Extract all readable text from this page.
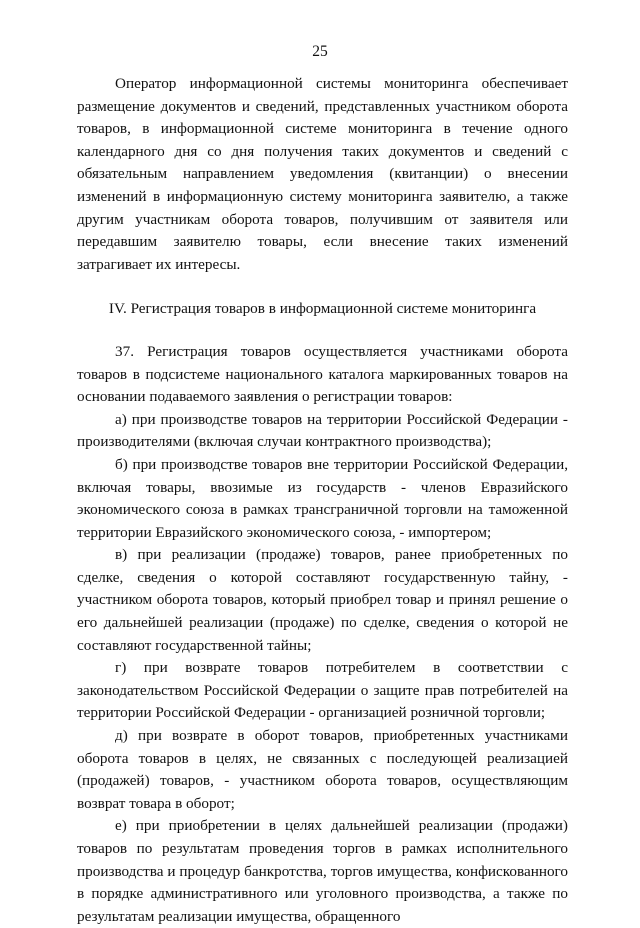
25

Оператор информационной системы мониторинга обеспечивает размещение документов и сведений, представленных участником оборота товаров, в информационной системе мониторинга в течение одного календарного дня со дня получения таких документов и сведений с обязательным направлением уведомления (квитанции) о внесении изменений в информационную систему мониторинга заявителю, а также другим участникам оборота товаров, получившим от заявителя или передавшим заявителю товары, если внесение таких изменений затрагивает их интересы.

IV. Регистрация товаров в информационной системе мониторинга

37. Регистрация товаров осуществляется участниками оборота товаров в подсистеме национального каталога маркированных товаров на основании подаваемого заявления о регистрации товаров:

а) при производстве товаров на территории Российской Федерации - производителями (включая случаи контрактного производства);

б) при производстве товаров вне территории Российской Федерации, включая товары, ввозимые из государств - членов Евразийского экономического союза в рамках трансграничной торговли на таможенной территории Евразийского экономического союза, - импортером;

в) при реализации (продаже) товаров, ранее приобретенных по сделке, сведения о которой составляют государственную тайну, - участником оборота товаров, который приобрел товар и принял решение о его дальнейшей реализации (продаже) по сделке, сведения о которой не составляют государственной тайны;

г) при возврате товаров потребителем в соответствии с законодательством Российской Федерации о защите прав потребителей на территории Российской Федерации - организацией розничной торговли;

д) при возврате в оборот товаров, приобретенных участниками оборота товаров в целях, не связанных с последующей реализацией (продажей) товаров, - участником оборота товаров, осуществляющим возврат товара в оборот;

е) при приобретении в целях дальнейшей реализации (продажи) товаров по результатам проведения торгов в рамках исполнительного производства и процедур банкротства, торгов имущества, конфискованного в порядке административного или уголовного производства, а также по результатам реализации имущества, обращенного
